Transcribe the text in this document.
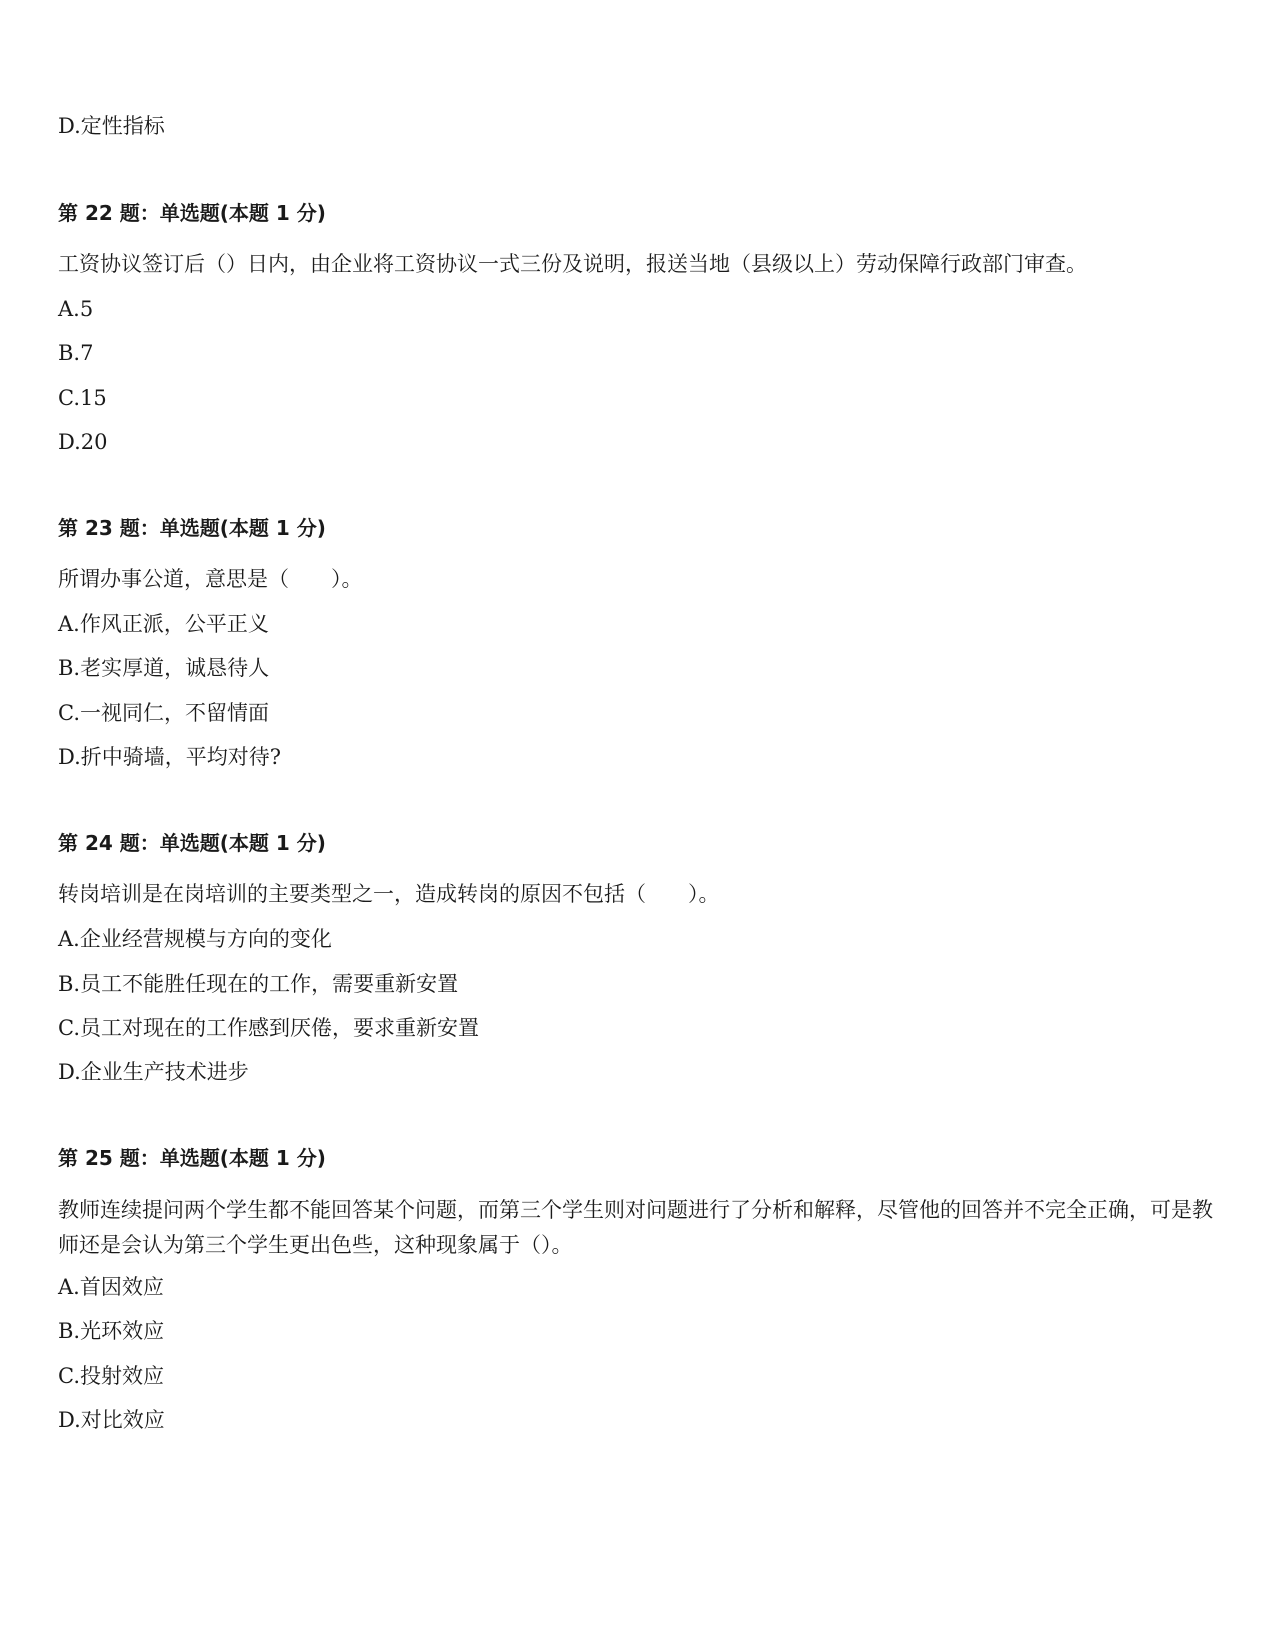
D.定性指标
第 22 题：单选题(本题 1 分)
工资协议签订后（）日内，由企业将工资协议一式三份及说明，报送当地（县级以上）劳动保障行政部门审查。
A.5
B.7
C.15
D.20
第 23 题：单选题(本题 1 分)
所谓办事公道，意思是（　　）。
A.作风正派，公平正义
B.老实厚道，诚恳待人
C.一视同仁，不留情面
D.折中骑墙，平均对待?
第 24 题：单选题(本题 1 分)
转岗培训是在岗培训的主要类型之一，造成转岗的原因不包括（　　）。
A.企业经营规模与方向的变化
B.员工不能胜任现在的工作，需要重新安置
C.员工对现在的工作感到厌倦，要求重新安置
D.企业生产技术进步
第 25 题：单选题(本题 1 分)
教师连续提问两个学生都不能回答某个问题，而第三个学生则对问题进行了分析和解释，尽管他的回答并不完全正确，可是教师还是会认为第三个学生更出色些，这种现象属于（）。
A.首因效应
B.光环效应
C.投射效应
D.对比效应
